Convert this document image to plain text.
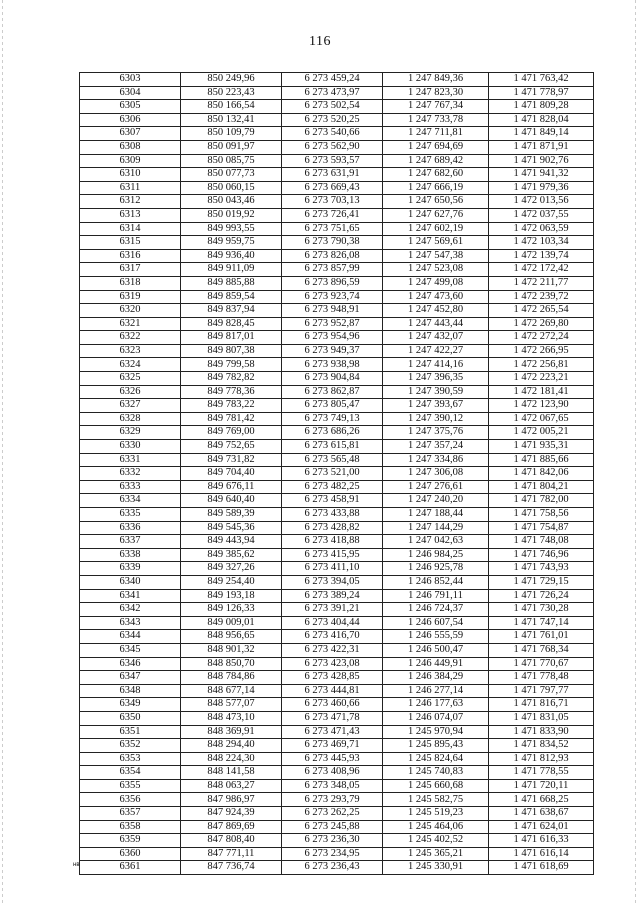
116
6303	850 249,96	6 273 459,24	1 247 849,36	1 471 763,42
6304	850 223,43	6 273 473,97	1 247 823,30	1 471 778,97
6305	850 166,54	6 273 502,54	1 247 767,34	1 471 809,28
6306	850 132,41	6 273 520,25	1 247 733,78	1 471 828,04
6307	850 109,79	6 273 540,66	1 247 711,81	1 471 849,14
6308	850 091,97	6 273 562,90	1 247 694,69	1 471 871,91
6309	850 085,75	6 273 593,57	1 247 689,42	1 471 902,76
6310	850 077,73	6 273 631,91	1 247 682,60	1 471 941,32
6311	850 060,15	6 273 669,43	1 247 666,19	1 471 979,36
6312	850 043,46	6 273 703,13	1 247 650,56	1 472 013,56
6313	850 019,92	6 273 726,41	1 247 627,76	1 472 037,55
6314	849 993,55	6 273 751,65	1 247 602,19	1 472 063,59
6315	849 959,75	6 273 790,38	1 247 569,61	1 472 103,34
6316	849 936,40	6 273 826,08	1 247 547,38	1 472 139,74
6317	849 911,09	6 273 857,99	1 247 523,08	1 472 172,42
6318	849 885,88	6 273 896,59	1 247 499,08	1 472 211,77
6319	849 859,54	6 273 923,74	1 247 473,60	1 472 239,72
6320	849 837,94	6 273 948,91	1 247 452,80	1 472 265,54
6321	849 828,45	6 273 952,87	1 247 443,44	1 472 269,80
6322	849 817,01	6 273 954,96	1 247 432,07	1 472 272,24
6323	849 807,38	6 273 949,37	1 247 422,27	1 472 266,95
6324	849 799,58	6 273 938,98	1 247 414,16	1 472 256,81
6325	849 782,82	6 273 904,84	1 247 396,35	1 472 223,21
6326	849 778,36	6 273 862,87	1 247 390,59	1 472 181,41
6327	849 783,22	6 273 805,47	1 247 393,67	1 472 123,90
6328	849 781,42	6 273 749,13	1 247 390,12	1 472 067,65
6329	849 769,00	6 273 686,26	1 247 375,76	1 472 005,21
6330	849 752,65	6 273 615,81	1 247 357,24	1 471 935,31
6331	849 731,82	6 273 565,48	1 247 334,86	1 471 885,66
6332	849 704,40	6 273 521,00	1 247 306,08	1 471 842,06
6333	849 676,11	6 273 482,25	1 247 276,61	1 471 804,21
6334	849 640,40	6 273 458,91	1 247 240,20	1 471 782,00
6335	849 589,39	6 273 433,88	1 247 188,44	1 471 758,56
6336	849 545,36	6 273 428,82	1 247 144,29	1 471 754,87
6337	849 443,94	6 273 418,88	1 247 042,63	1 471 748,08
6338	849 385,62	6 273 415,95	1 246 984,25	1 471 746,96
6339	849 327,26	6 273 411,10	1 246 925,78	1 471 743,93
6340	849 254,40	6 273 394,05	1 246 852,44	1 471 729,15
6341	849 193,18	6 273 389,24	1 246 791,11	1 471 726,24
6342	849 126,33	6 273 391,21	1 246 724,37	1 471 730,28
6343	849 009,01	6 273 404,44	1 246 607,54	1 471 747,14
6344	848 956,65	6 273 416,70	1 246 555,59	1 471 761,01
6345	848 901,32	6 273 422,31	1 246 500,47	1 471 768,34
6346	848 850,70	6 273 423,08	1 246 449,91	1 471 770,67
6347	848 784,86	6 273 428,85	1 246 384,29	1 471 778,48
6348	848 677,14	6 273 444,81	1 246 277,14	1 471 797,77
6349	848 577,07	6 273 460,66	1 246 177,63	1 471 816,71
6350	848 473,10	6 273 471,78	1 246 074,07	1 471 831,05
6351	848 369,91	6 273 471,43	1 245 970,94	1 471 833,90
6352	848 294,40	6 273 469,71	1 245 895,43	1 471 834,52
6353	848 224,30	6 273 445,93	1 245 824,64	1 471 812,93
6354	848 141,58	6 273 408,96	1 245 740,83	1 471 778,55
6355	848 063,27	6 273 348,05	1 245 660,68	1 471 720,11
6356	847 986,97	6 273 293,79	1 245 582,75	1 471 668,25
6357	847 924,39	6 273 262,25	1 245 519,23	1 471 638,67
6358	847 869,69	6 273 245,88	1 245 464,06	1 471 624,01
6359	847 808,40	6 273 236,30	1 245 402,52	1 471 616,33
6360	847 771,11	6 273 234,95	1 245 365,21	1 471 616,14
6361	847 736,74	6 273 236,43	1 245 330,91	1 471 618,69
нв
